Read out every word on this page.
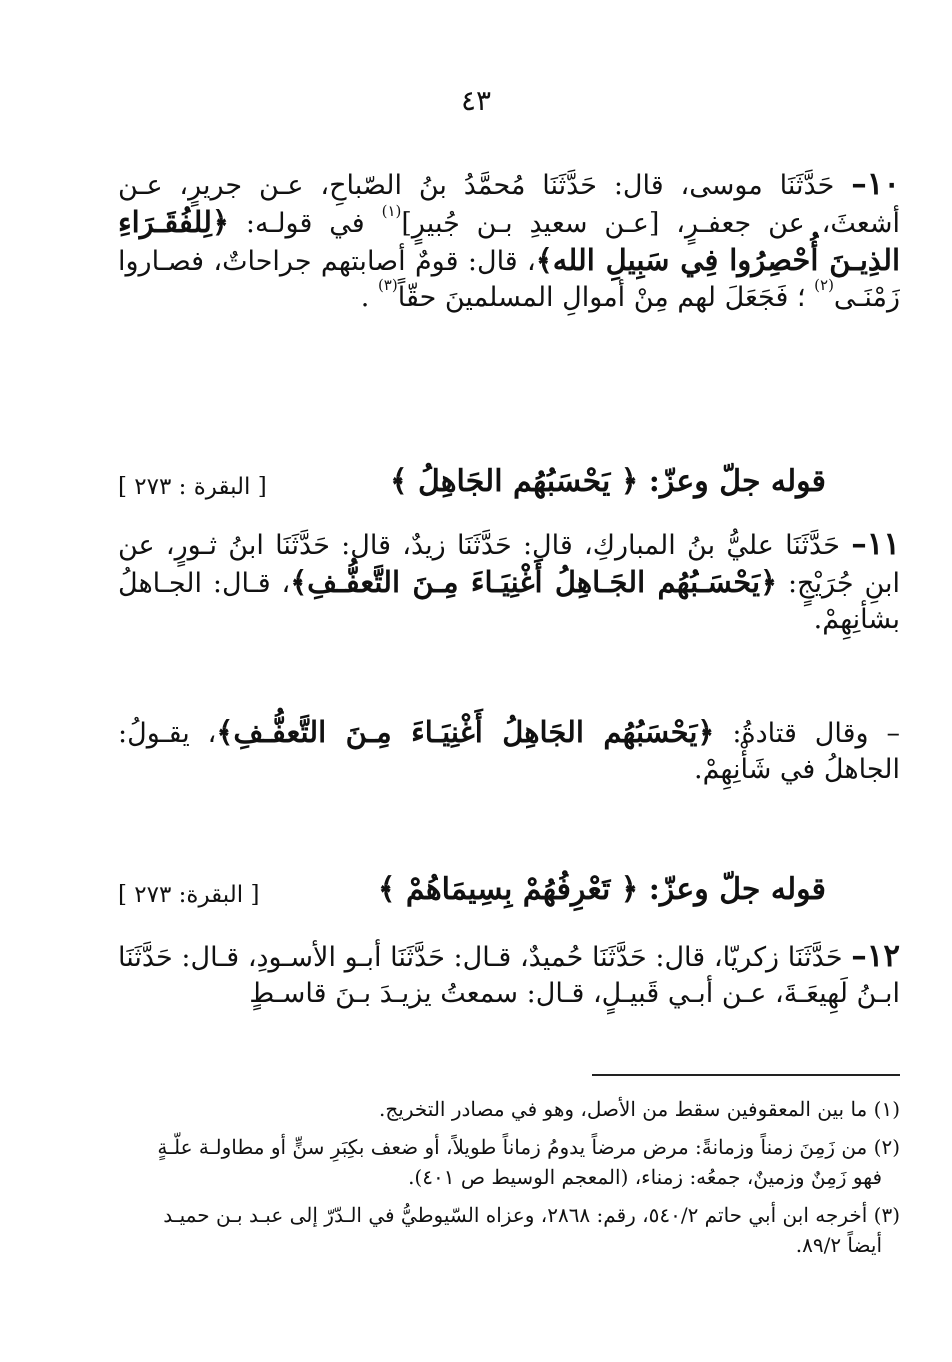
٤٣
١٠– حَدَّثَنَا موسى، قال: حَدَّثَنَا مُحمَّدُ بنُ الصّباحِ، عـن جريرٍ، عـن أشعثَ، عن جعفـرٍ، [عـن سعيدِ بـن جُبيرٍ]$^{(١)}$ في قولـه: ﴿لِلفُقَـرَاءِ الذِيـنَ أُحْصِرُوا فِي سَبِيلِ الله﴾، قال: قومٌ أصابتهم جراحاتٌ، فصـاروا زَمْنَـى$^{(٢)}$ ؛ فَجَعَلَ لهم مِنْ أموالِ المسلمينَ حقّاً$^{(٣)}$ .
قوله جلّ وعزّ: ﴿ يَحْسَبُهُم الجَاهِلُ ﴾
[ البقرة : ٢٧٣ ]
١١– حَدَّثَنَا عليُّ بنُ المباركِ، قال: حَدَّثَنَا زيدٌ، قال: حَدَّثَنَا ابنُ ثـورٍ، عن ابنِ جُرَيْجٍ: ﴿يَحْسَـبُهُم الجَـاهِلُ أَغْنِيَـاءَ مِـنَ التَّعفُّـفِ﴾، قـال: الجـاهلُ بشأنِهِمْ.
– وقال قتادةُ: ﴿يَحْسَبُهُم الجَاهِلُ أَغْنِيَـاءَ مِـنَ التَّعفُّـفِ﴾، يقـولُ: الجاهلُ في شَأْنِهِمْ.
قوله جلّ وعزّ: ﴿ تَعْرِفُهُمْ بِسِيمَاهُمْ ﴾
[ البقرة: ٢٧٣ ]
١٢– حَدَّثَنَا زكريّا، قال: حَدَّثَنَا حُميدٌ، قـال: حَدَّثَنَا أبـو الأسـودِ، قـال: حَدَّثَنَا ابـنُ لَهِيعَـةَ، عـن أبـي قَبيـلٍ، قـال: سمعتُ يزيـدَ بـنَ قاسـطٍ
(١) ما بين المعقوفين سقط من الأصل، وهو في مصادر التخريج.
(٢) من زَمِنَ زمناً وزمانةً: مرض مرضاً يدومُ زماناً طويلاً، أو ضعف بكِبَرِ سنٍّ أو مطاولـة علّـةٍ
فهو زَمِنٌ وزمينٌ، جمعُه: زمناء، (المعجم الوسيط ص ٤٠١).
(٣) أخرجه ابن أبي حاتم ٥٤٠/٢، رقم: ٢٨٦٨، وعزاه السّيوطيُّ في الـدّرّ إلى عبـد بـن حميـد
أيضاً ٨٩/٢.
